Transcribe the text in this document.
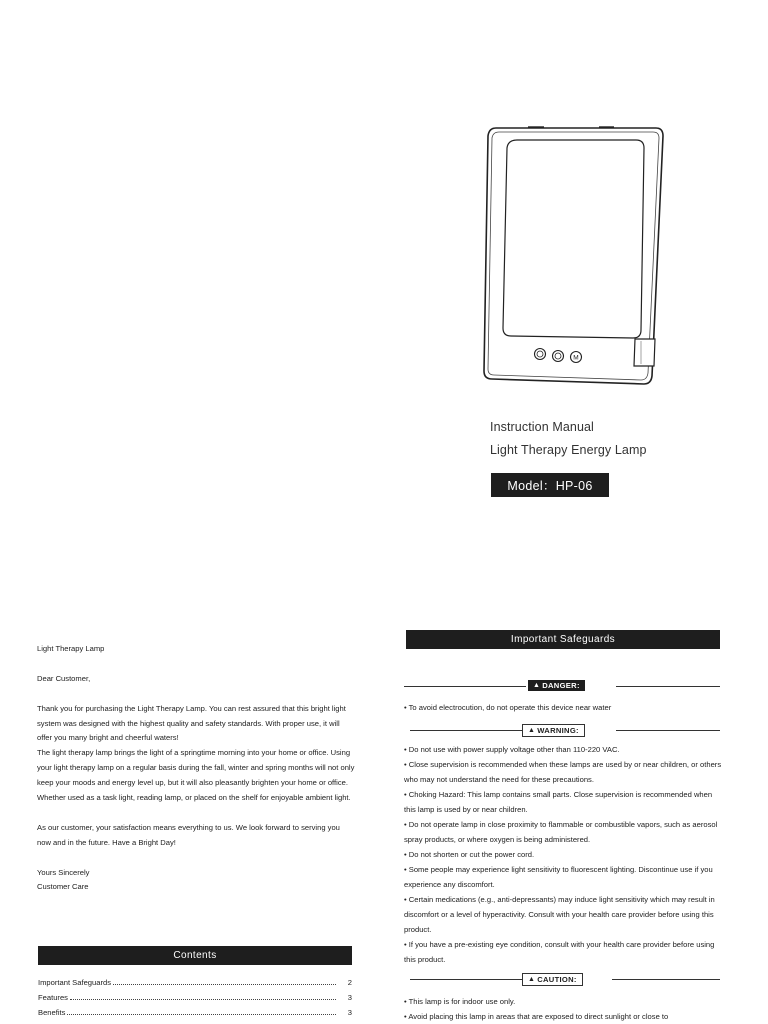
M
Instruction Manual
Light Therapy Energy Lamp
Model：HP-06

Light Therapy Lamp

Dear Customer,

Thank you for purchasing the Light Therapy Lamp. You can rest assured that this bright light system was designed with the highest quality and safety standards. With proper use, it will offer you many bright and cheerful waters!

The light therapy lamp brings the light of a springtime morning into your home or office. Using your light therapy lamp on a regular basis during the fall, winter and spring months will not only keep your moods and energy level up, but it will also pleasantly brighten your home or office. Whether used as a task light, reading lamp, or placed on the shelf for enjoyable ambient light.

As our customer, your satisfaction means everything to us. We look forward to serving you now and in the future. Have a Bright Day!

Yours Sincerely

Customer Care

Contents
Important Safeguards	2
Features	3
Benefits	3
Important Safeguards
▲ DANGER:

• To avoid electrocution, do not operate this device near water

▲ WARNING:

• Do not use with power supply voltage other than 110-220 VAC.

• Close supervision is recommended when these lamps are used by or near children, or others who may not understand the need for these precautions.

• Choking Hazard: This lamp contains small parts. Close supervision is recommended when this lamp is used by or near children.

• Do not operate lamp in close proximity to flammable or combustible vapors, such as aerosol spray products, or where oxygen is being administered.

• Do not shorten or cut the power cord.

• Some people may experience light sensitivity to fluorescent lighting. Discontinue use if you experience any discomfort.

• Certain medications (e.g., anti-depressants) may induce light sensitivity which may result in discomfort or a level of hyperactivity. Consult with your health care provider before using this product.

• If you have a pre-existing eye condition, consult with your health care provider before using this product.

▲ CAUTION:

• This lamp is for indoor use only.

• Avoid placing this lamp in areas that are exposed to direct sunlight or close to
